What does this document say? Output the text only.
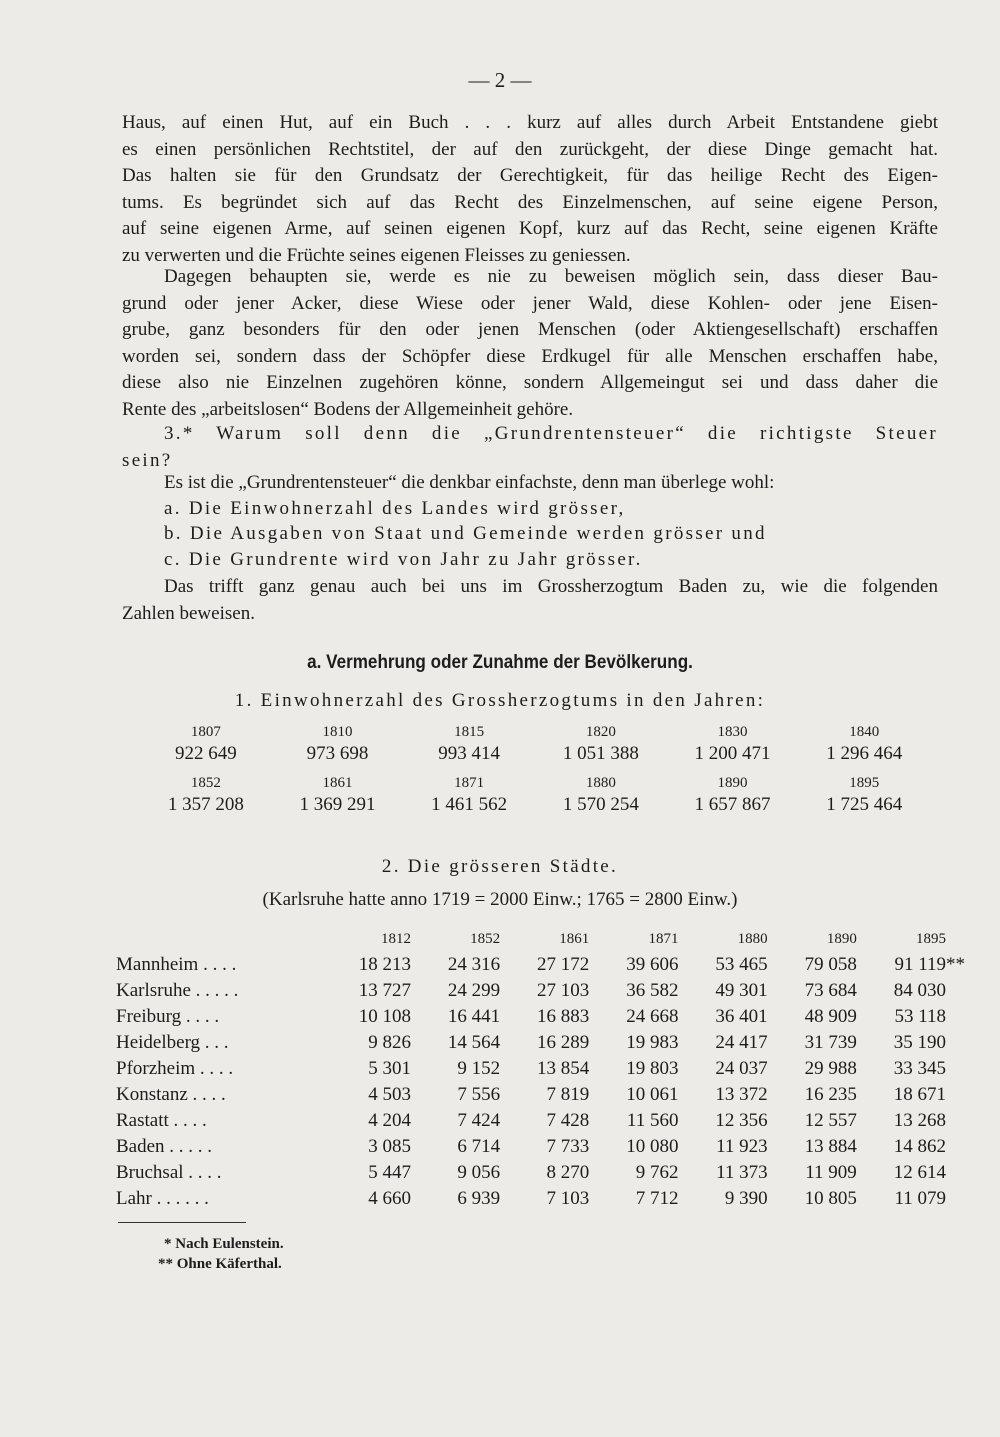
— 2 —
Haus, auf einen Hut, auf ein Buch . . . kurz auf alles durch Arbeit Entstandene giebt
es einen persönlichen Rechtstitel, der auf den zurückgeht, der diese Dinge gemacht hat.
Das halten sie für den Grundsatz der Gerechtigkeit, für das heilige Recht des Eigen-
tums. Es begründet sich auf das Recht des Einzelmenschen, auf seine eigene Person,
auf seine eigenen Arme, auf seinen eigenen Kopf, kurz auf das Recht, seine eigenen Kräfte
zu verwerten und die Früchte seines eigenen Fleisses zu geniessen.
Dagegen behaupten sie, werde es nie zu beweisen möglich sein, dass dieser Bau-
grund oder jener Acker, diese Wiese oder jener Wald, diese Kohlen- oder jene Eisen-
grube, ganz besonders für den oder jenen Menschen (oder Aktiengesellschaft) erschaffen
worden sei, sondern dass der Schöpfer diese Erdkugel für alle Menschen erschaffen habe,
diese also nie Einzelnen zugehören könne, sondern Allgemeingut sei und dass daher die
Rente des „arbeitslosen“ Bodens der Allgemeinheit gehöre.
3.* Warum soll denn die „Grundrentensteuer“ die richtigste Steuer
sein?
Es ist die „Grundrentensteuer“ die denkbar einfachste, denn man überlege wohl:
a. Die Einwohnerzahl des Landes wird grösser,
b. Die Ausgaben von Staat und Gemeinde werden grösser und
c. Die Grundrente wird von Jahr zu Jahr grösser.
Das trifft ganz genau auch bei uns im Grossherzogtum Baden zu, wie die folgenden
Zahlen beweisen.
a. Vermehrung oder Zunahme der Bevölkerung.
1. Einwohnerzahl des Grossherzogtums in den Jahren:
1807	1810	1815	1820	1830	1840
922 649	973 698	993 414	1 051 388	1 200 471	1 296 464
1852	1861	1871	1880	1890	1895
1 357 208	1 369 291	1 461 562	1 570 254	1 657 867	1 725 464
2. Die grösseren Städte.
(Karlsruhe hatte anno 1719 = 2000 Einw.; 1765 = 2800 Einw.)
	1812	1852	1861	1871	1880	1890	1895
Mannheim . . . .	18 213	24 316	27 172	39 606	53 465	79 058	91 119**
Karlsruhe . . . . .	13 727	24 299	27 103	36 582	49 301	73 684	84 030
Freiburg . . . .	10 108	16 441	16 883	24 668	36 401	48 909	53 118
Heidelberg . . .	9 826	14 564	16 289	19 983	24 417	31 739	35 190
Pforzheim . . . .	5 301	9 152	13 854	19 803	24 037	29 988	33 345
Konstanz . . . .	4 503	7 556	7 819	10 061	13 372	16 235	18 671
Rastatt . . . .	4 204	7 424	7 428	11 560	12 356	12 557	13 268
Baden . . . . .	3 085	6 714	7 733	10 080	11 923	13 884	14 862
Bruchsal . . . .	5 447	9 056	8 270	9 762	11 373	11 909	12 614
Lahr . . . . . .	4 660	6 939	7 103	7 712	9 390	10 805	11 079
* Nach Eulenstein.
** Ohne Käferthal.
